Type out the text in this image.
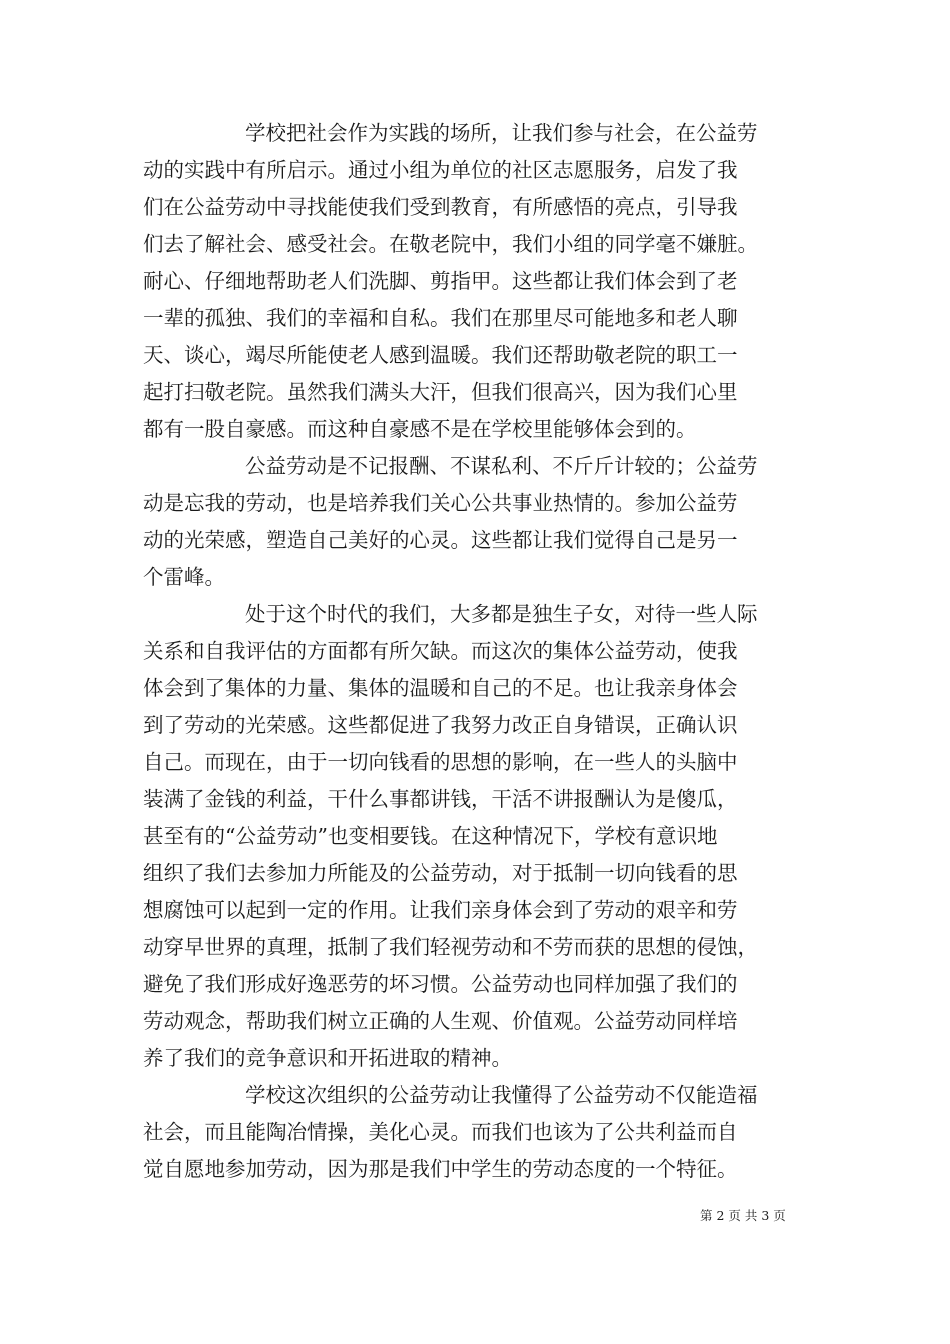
学校把社会作为实践的场所，让我们参与社会，在公益劳
动的实践中有所启示。通过小组为单位的社区志愿服务，启发了我
们在公益劳动中寻找能使我们受到教育，有所感悟的亮点，引导我
们去了解社会、感受社会。在敬老院中，我们小组的同学毫不嫌脏。
耐心、仔细地帮助老人们洗脚、剪指甲。这些都让我们体会到了老
一辈的孤独、我们的幸福和自私。我们在那里尽可能地多和老人聊
天、谈心，竭尽所能使老人感到温暖。我们还帮助敬老院的职工一
起打扫敬老院。虽然我们满头大汗，但我们很高兴，因为我们心里
都有一股自豪感。而这种自豪感不是在学校里能够体会到的。
公益劳动是不记报酬、不谋私利、不斤斤计较的；公益劳
动是忘我的劳动，也是培养我们关心公共事业热情的。参加公益劳
动的光荣感，塑造自己美好的心灵。这些都让我们觉得自己是另一
个雷峰。
处于这个时代的我们，大多都是独生子女，对待一些人际
关系和自我评估的方面都有所欠缺。而这次的集体公益劳动，使我
体会到了集体的力量、集体的温暖和自己的不足。也让我亲身体会
到了劳动的光荣感。这些都促进了我努力改正自身错误，正确认识
自己。而现在，由于一切向钱看的思想的影响，在一些人的头脑中
装满了金钱的利益，干什么事都讲钱，干活不讲报酬认为是傻瓜，
甚至有的“公益劳动”也变相要钱。在这种情况下，学校有意识地
组织了我们去参加力所能及的公益劳动，对于抵制一切向钱看的思
想腐蚀可以起到一定的作用。让我们亲身体会到了劳动的艰辛和劳
动穿早世界的真理，抵制了我们轻视劳动和不劳而获的思想的侵蚀，
避免了我们形成好逸恶劳的坏习惯。公益劳动也同样加强了我们的
劳动观念，帮助我们树立正确的人生观、价值观。公益劳动同样培
养了我们的竞争意识和开拓进取的精神。
学校这次组织的公益劳动让我懂得了公益劳动不仅能造福
社会，而且能陶冶情操，美化心灵。而我们也该为了公共利益而自
觉自愿地参加劳动，因为那是我们中学生的劳动态度的一个特征。
第 2 页 共 3 页
